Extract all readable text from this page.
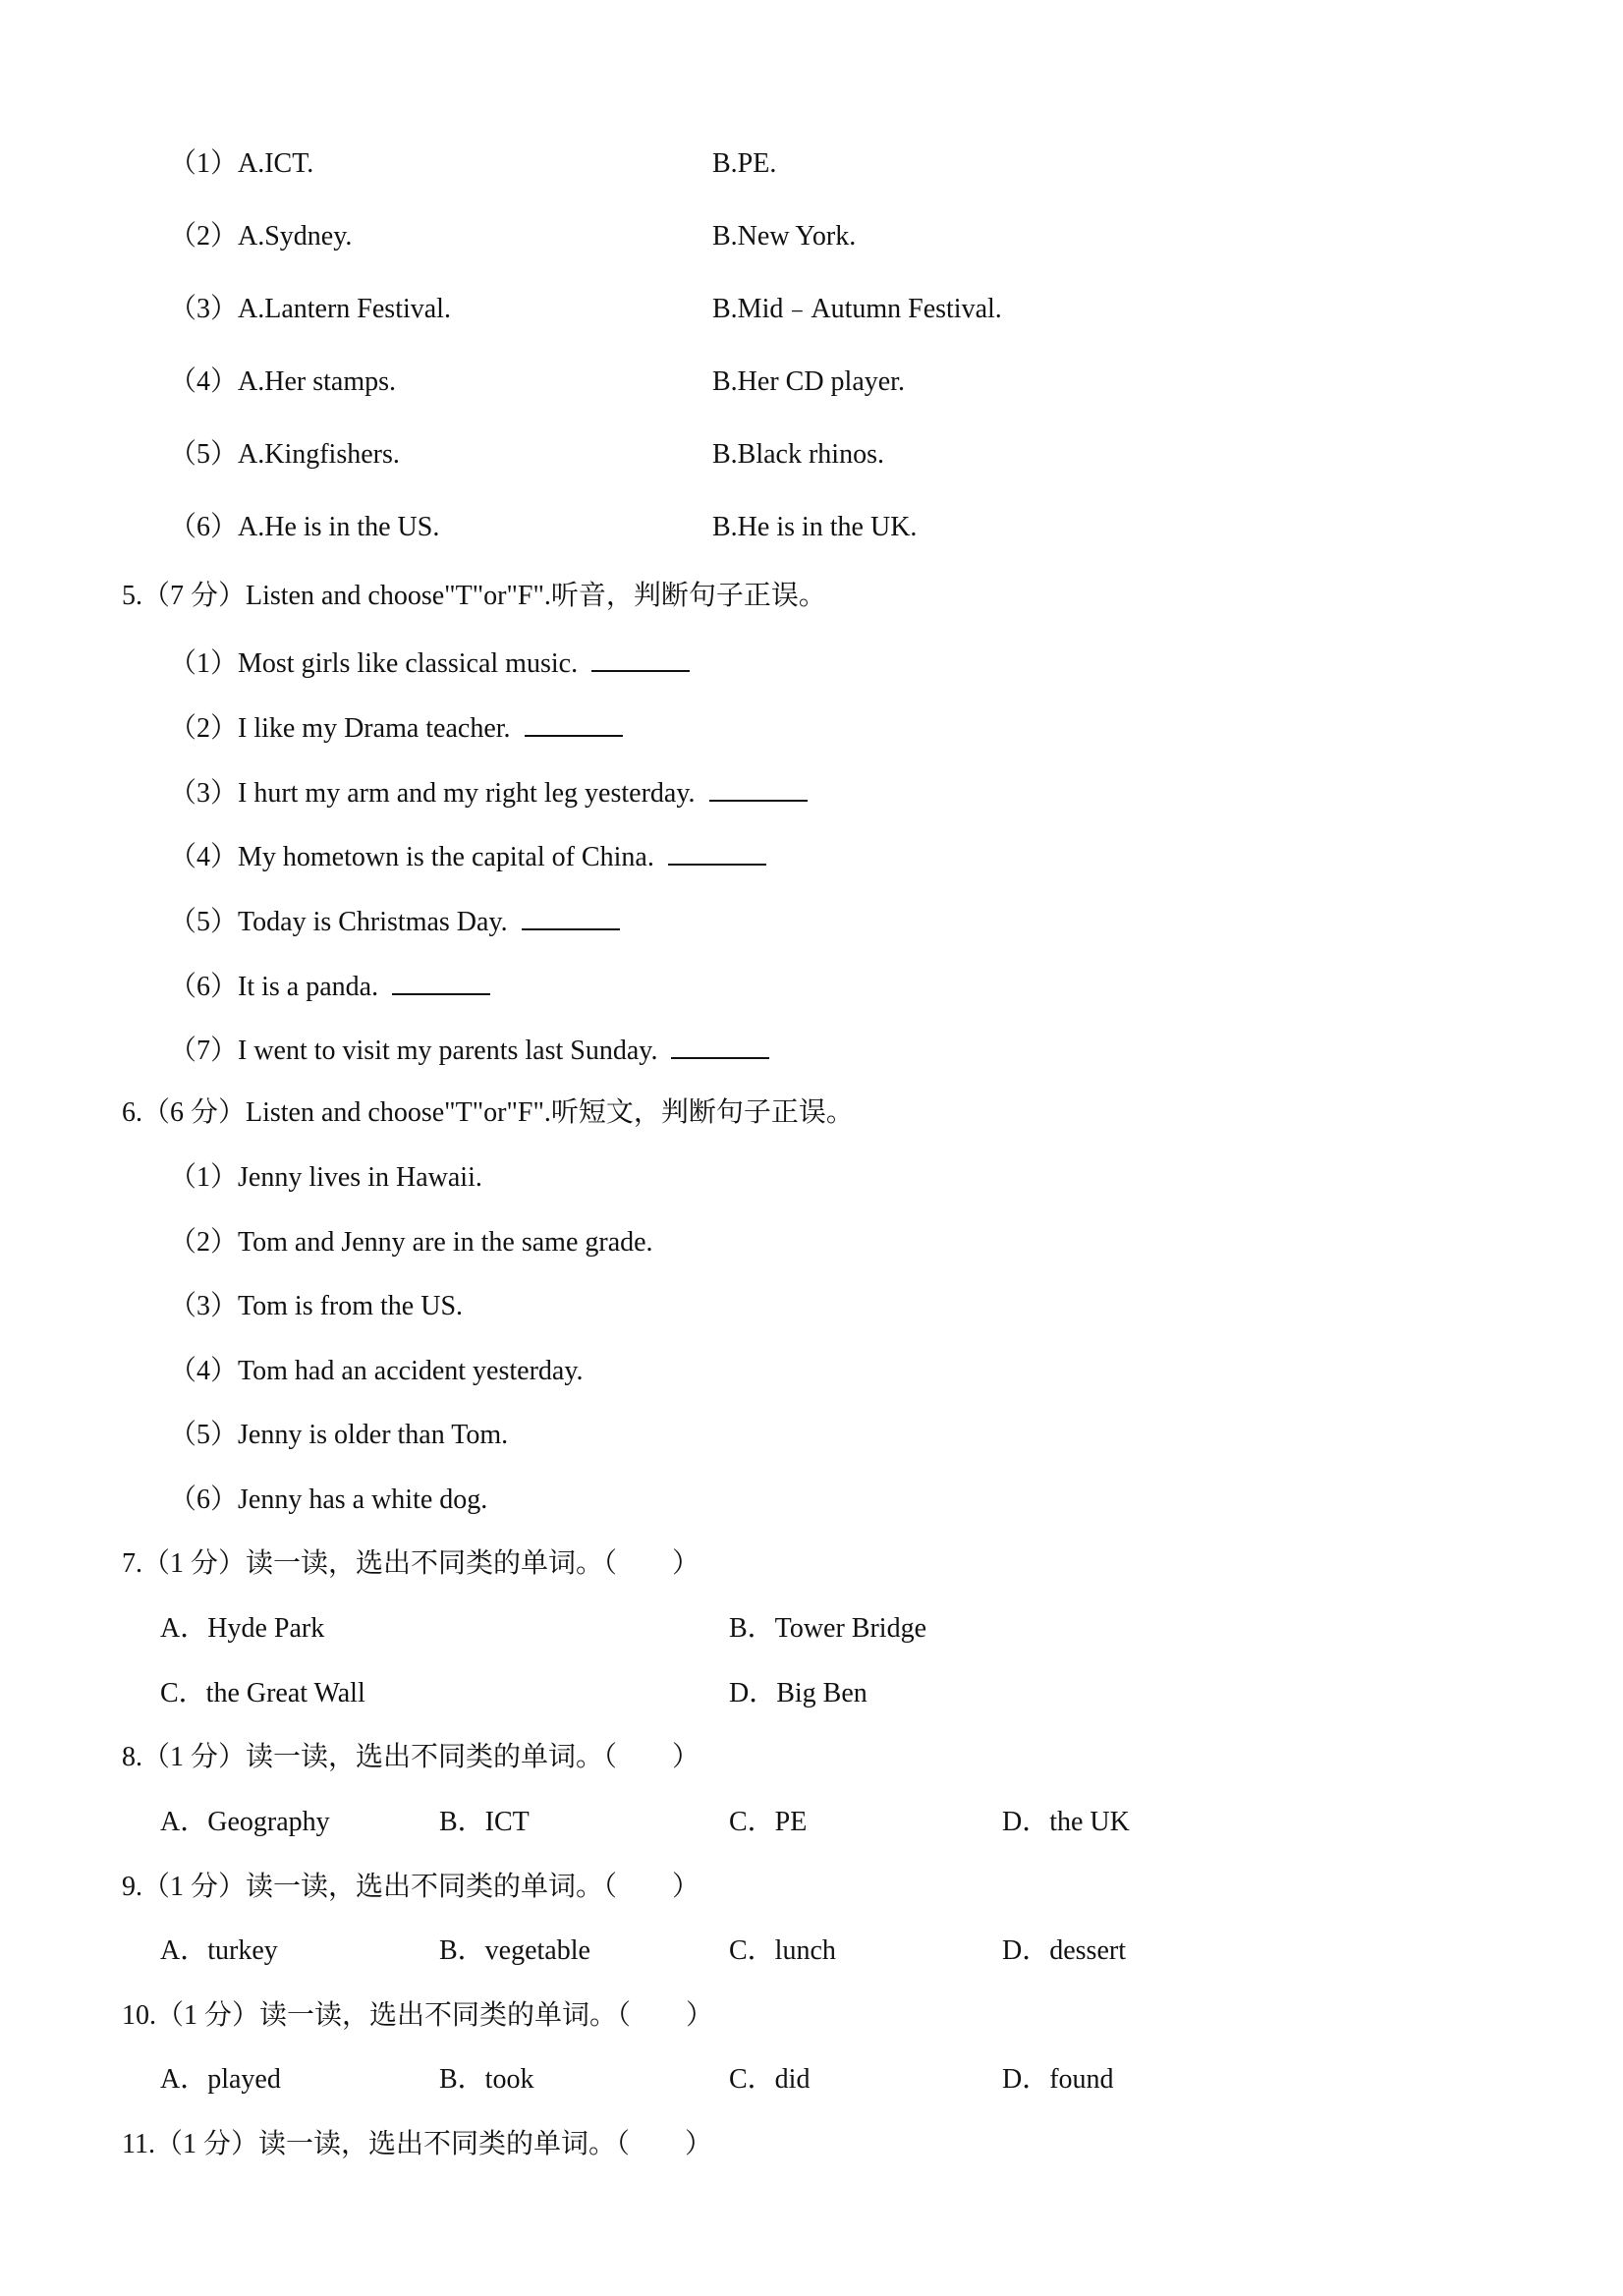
（1）A.ICT.	B.PE.
（2）A.Sydney.	B.New York.
（3）A.Lantern Festival.	B.Mid﹣Autumn Festival.
（4）A.Her stamps.	B.Her CD player.
（5）A.Kingfishers.	B.Black rhinos.
（6）A.He is in the US.	B.He is in the UK.
5.（7 分）Listen and choose"T"or"F".听音，判断句子正误。
（1）Most girls like classical music.
（2）I like my Drama teacher.
（3）I hurt my arm and my right leg yesterday.
（4）My hometown is the capital of China.
（5）Today is Christmas Day.
（6）It is a panda.
（7）I went to visit my parents last Sunday.
6.（6 分）Listen and choose"T"or"F".听短文，判断句子正误。
（1）Jenny lives in Hawaii.
（2）Tom and Jenny are in the same grade.
（3）Tom is from the US.
（4）Tom had an accident yesterday.
（5）Jenny is older than Tom.
（6）Jenny has a white dog.
7.（1 分）读一读，选出不同类的单词。（　　）
A．Hyde Park	B．Tower Bridge
C．the Great Wall	D．Big Ben
8.（1 分）读一读，选出不同类的单词。（　　）
A．Geography	B．ICT	C．PE	D．the UK
9.（1 分）读一读，选出不同类的单词。（　　）
A．turkey	B．vegetable	C．lunch	D．dessert
10.（1 分）读一读，选出不同类的单词。（　　）
A．played	B．took	C．did	D．found
11.（1 分）读一读，选出不同类的单词。（　　）
